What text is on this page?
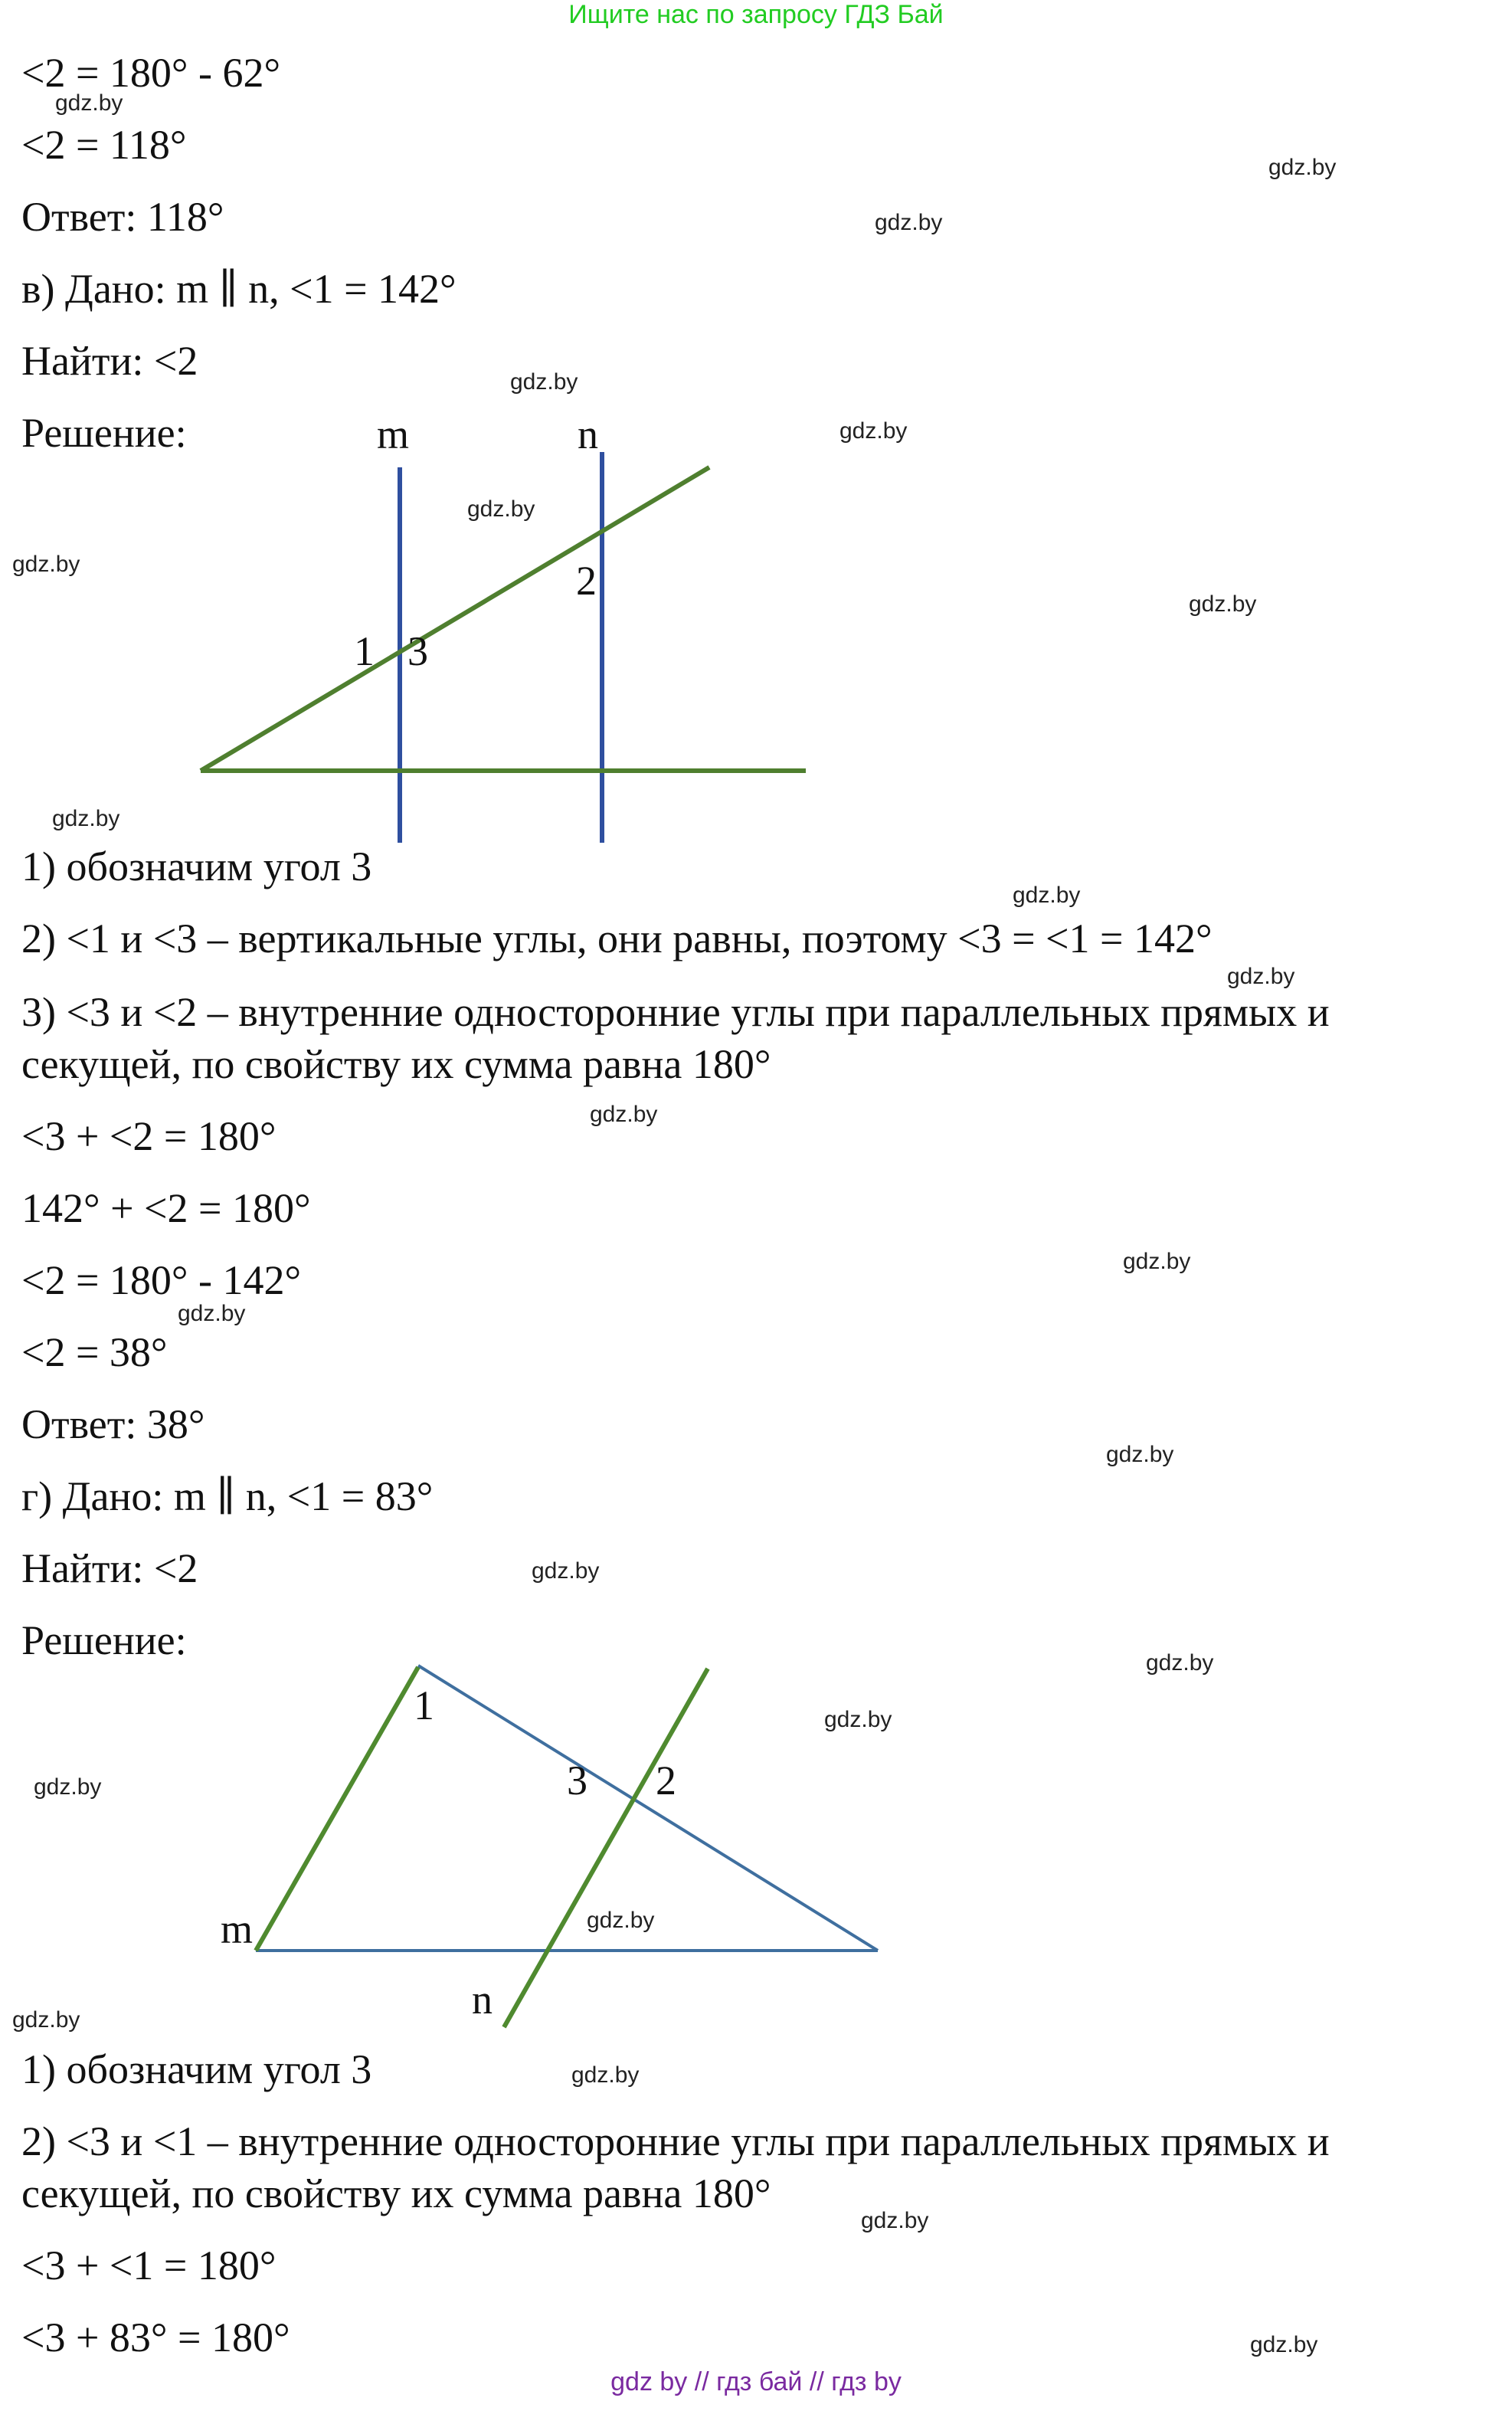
Ищите нас по запросу ГДЗ Бай
<2 = 180° - 62°
<2 = 118°
Ответ: 118°
в) Дано: m ∥ n, <1 = 142°
Найти: <2
Решение:	m	n
1 3
2
1) обозначим угол 3
2) <1 и <3 – вертикальные углы, они равны, поэтому <3 = <1 = 142°
3) <3 и <2 – внутренние односторонние углы при параллельных прямых и
секущей, по свойству их сумма равна 180°
<3 + <2 = 180°
142° + <2 = 180°
<2 = 180° - 142°
<2 = 38°
Ответ: 38°
г) Дано: m ∥ n, <1 = 83°
Найти: <2
Решение:
1
3 2
m
n
1) обозначим угол 3
2) <3 и <1 – внутренние односторонние углы при параллельных прямых и
секущей, по свойству их сумма равна 180°
<3 + <1 = 180°
<3 + 83° = 180°
gdz.by
gdz.by
gdz.by
gdz.by
gdz.by
gdz.by
gdz.by
gdz.by
gdz.by
gdz.by
gdz.by
gdz.by
gdz.by
gdz.by
gdz.by
gdz.by
gdz.by
gdz.by
gdz.by
gdz.by
gdz.by
gdz.by
gdz.by
gdz.by
gdz by // гдз бай // гдз by
